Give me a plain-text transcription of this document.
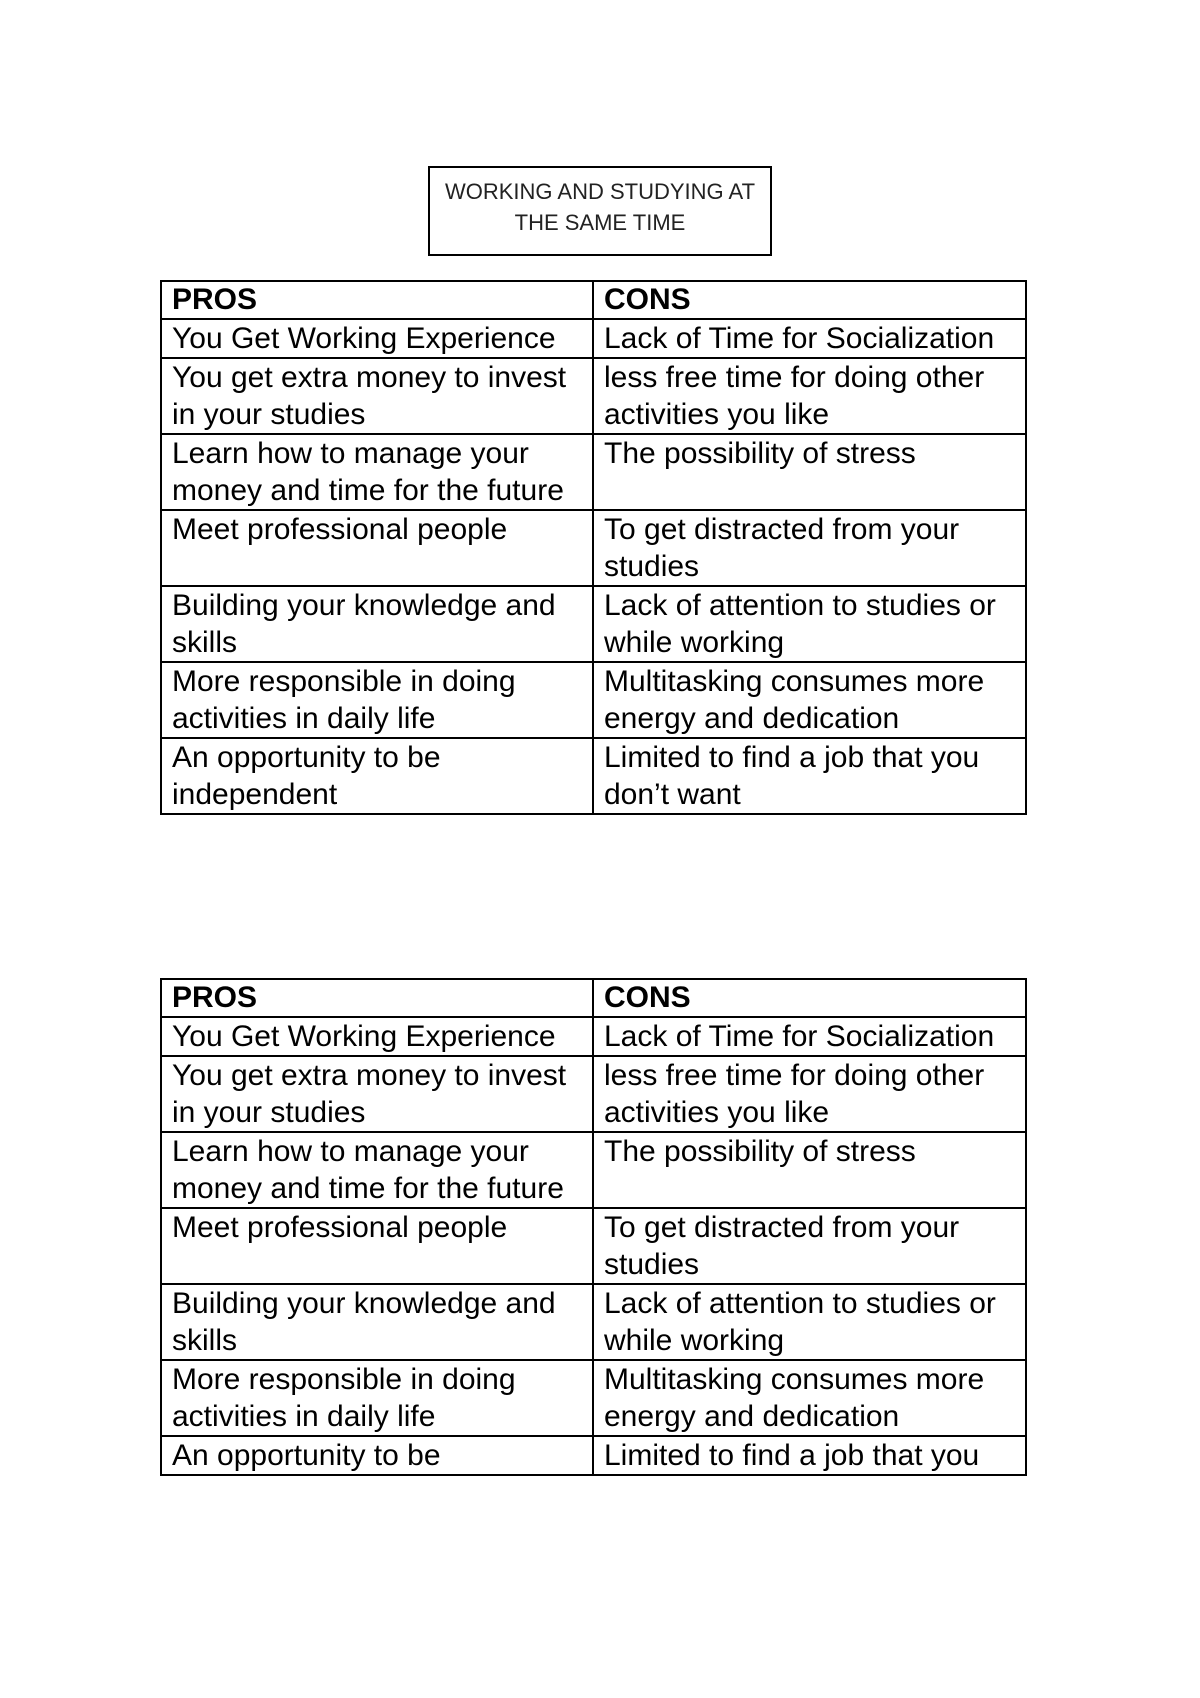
WORKING AND STUDYING AT
THE SAME TIME
PROS	CONS
You Get Working Experience	Lack of Time for Socialization
You get extra money to invest in your studies	less free time for doing other activities you like
Learn how to manage your money and time for the future	The possibility of stress
Meet professional people	To get distracted from your studies
Building your knowledge and skills	Lack of attention to studies or while working
More responsible in doing activities in daily life	Multitasking consumes more energy and dedication
An opportunity to be independent	Limited to find a job that you don’t want
PROS	CONS
You Get Working Experience	Lack of Time for Socialization
You get extra money to invest in your studies	less free time for doing other activities you like
Learn how to manage your money and time for the future	The possibility of stress
Meet professional people	To get distracted from your studies
Building your knowledge and skills	Lack of attention to studies or while working
More responsible in doing activities in daily life	Multitasking consumes more energy and dedication
An opportunity to be	Limited to find a job that you
